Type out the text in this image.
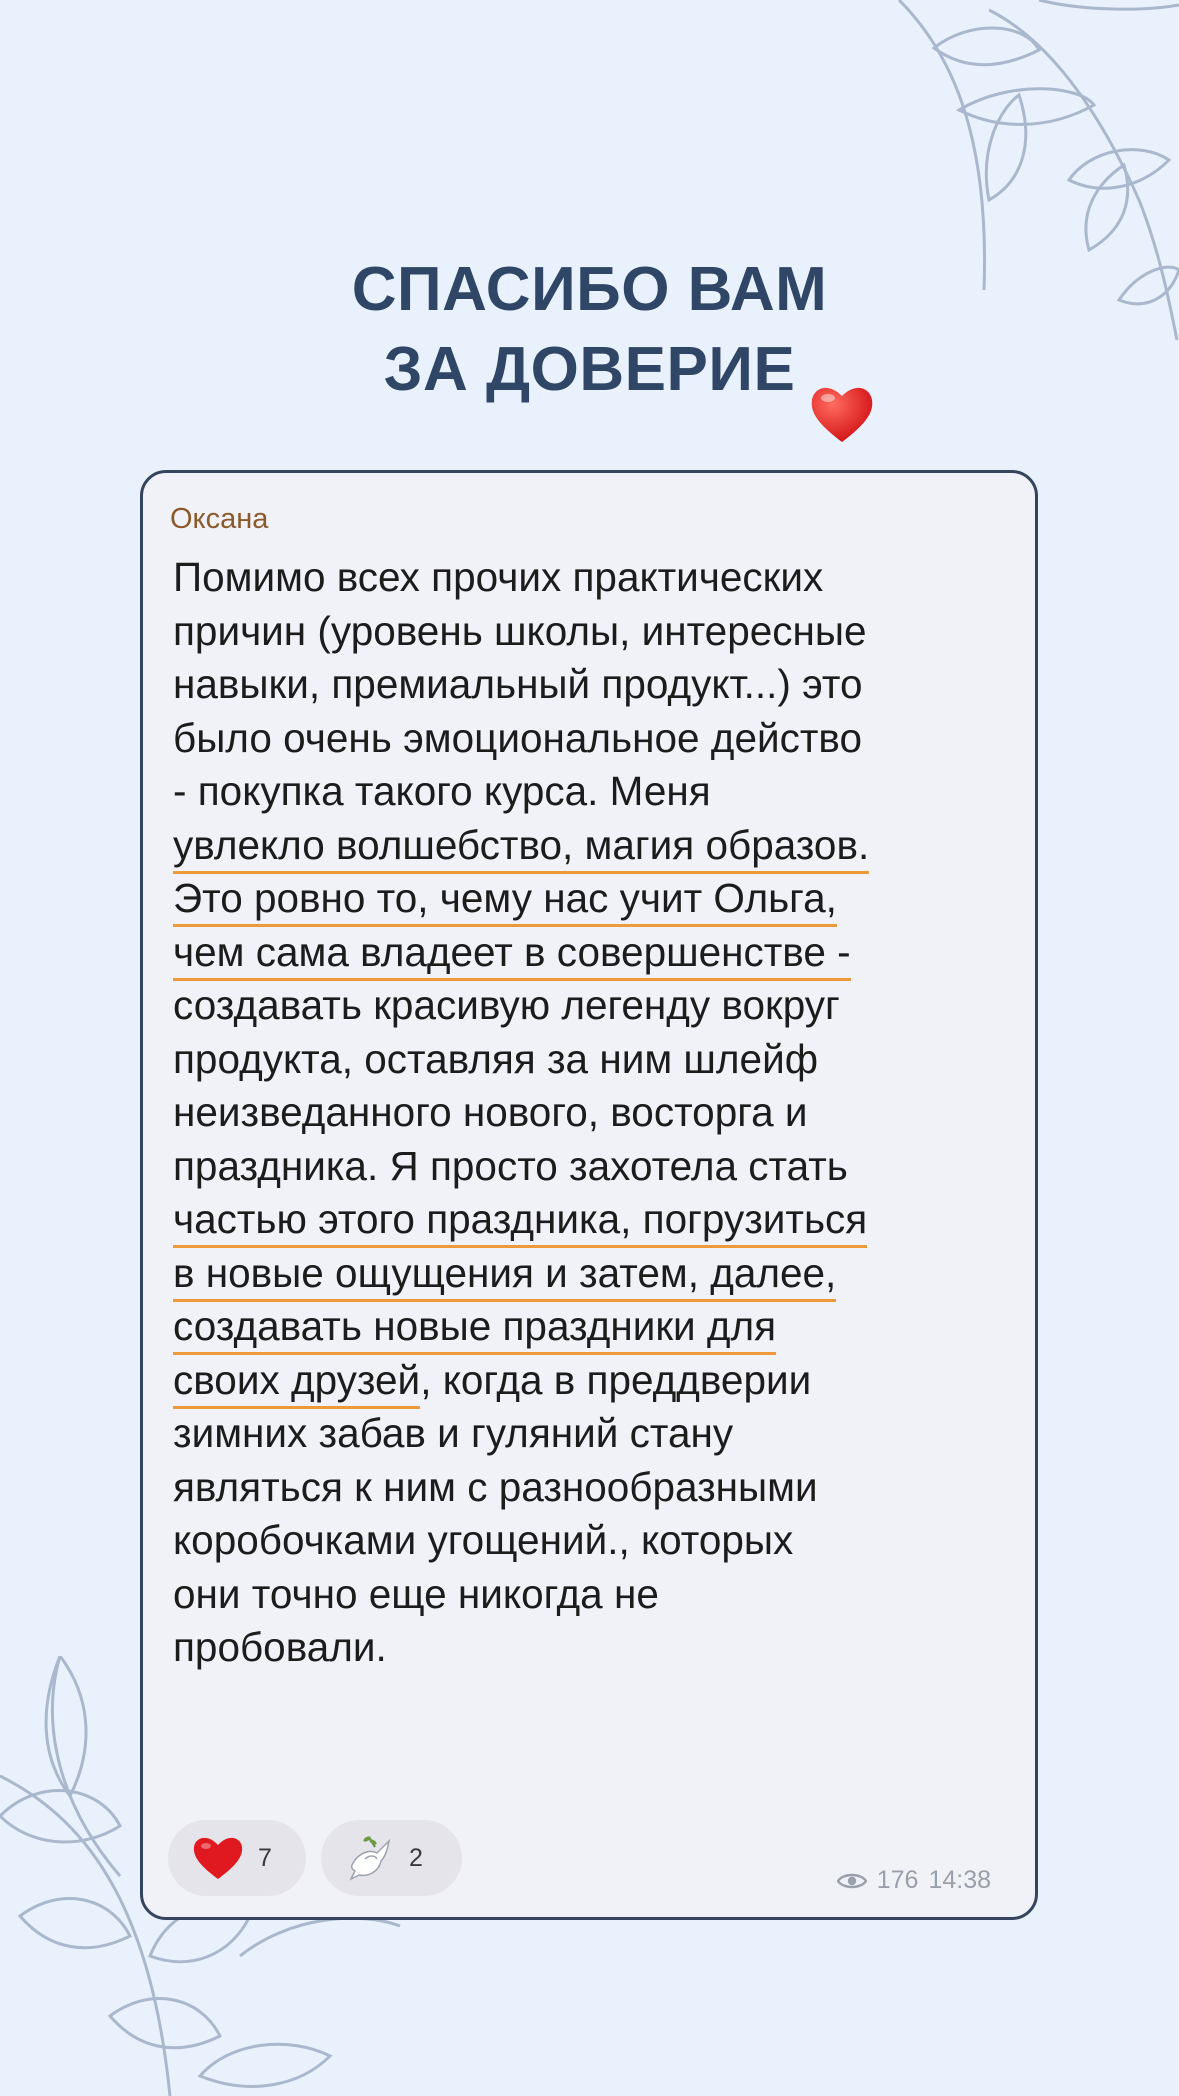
СПАСИБО ВАМ
ЗА ДОВЕРИЕ
Оксана
Помимо всех прочих практических
причин (уровень школы, интересные
навыки, премиальный продукт...) это
было очень эмоциональное действо
- покупка такого курса. Меня
увлекло волшебство, магия образов.
Это ровно то, чему нас учит Ольга,
чем сама владеет в совершенстве -
создавать красивую легенду вокруг
продукта, оставляя за ним шлейф
неизведанного нового, восторга и
праздника. Я просто захотела стать
частью этого праздника, погрузиться
в новые ощущения и затем, далее,
создавать новые праздники для
своих друзей, когда в преддверии
зимних забав и гуляний стану
являться к ним с разнообразными
коробочками угощений., которых
они точно еще никогда не
пробовали.
7	2
176 14:38
